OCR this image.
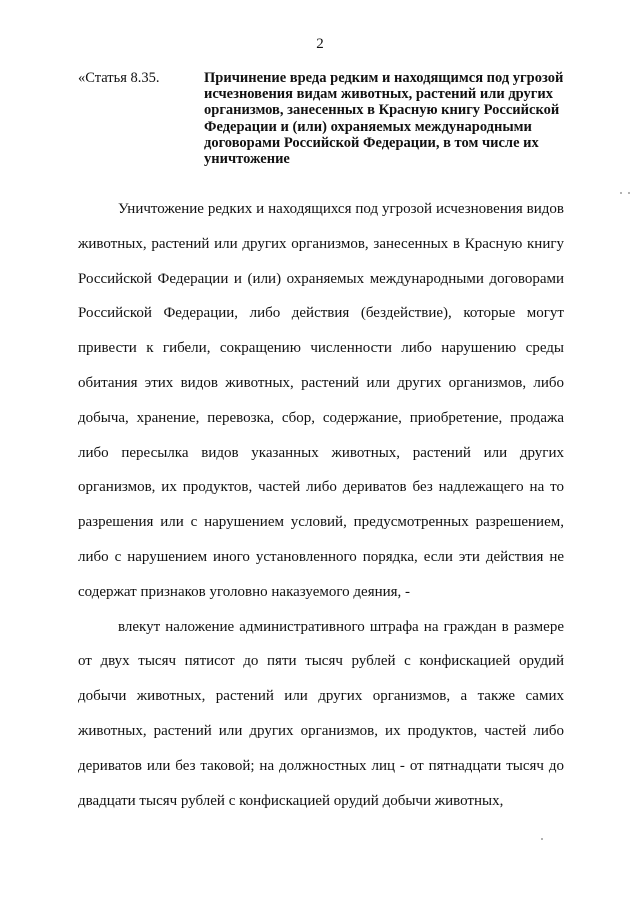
2
«Статья 8.35.	Причинение вреда редким и находящимся под угрозой исчезновения видам животных, растений или других организмов, занесенных в Красную книгу Российской Федерации и (или) охраняемых международными договорами Российской Федерации, в том числе их уничтожение

Уничтожение редких и находящихся под угрозой исчезновения видов животных, растений или других организмов, занесенных в Красную книгу Российской Федерации и (или) охраняемых международными договорами Российской Федерации, либо действия (бездействие), которые могут привести к гибели, сокращению численности либо нарушению среды обитания этих видов животных, растений или других организмов, либо добыча, хранение, перевозка, сбор, содержание, приобретение, продажа либо пересылка видов указанных животных, растений или других организмов, их продуктов, частей либо дериватов без надлежащего на то разрешения или с нарушением условий, предусмотренных разрешением, либо с нарушением иного установленного порядка, если эти действия не содержат признаков уголовно наказуемого деяния, -

влекут наложение административного штрафа на граждан в размере от двух тысяч пятисот до пяти тысяч рублей с конфискацией орудий добычи животных, растений или других организмов, а также самих животных, растений или других организмов, их продуктов, частей либо дериватов или без таковой; на должностных лиц - от пятнадцати тысяч до двадцати тысяч рублей с конфискацией орудий добычи животных,
